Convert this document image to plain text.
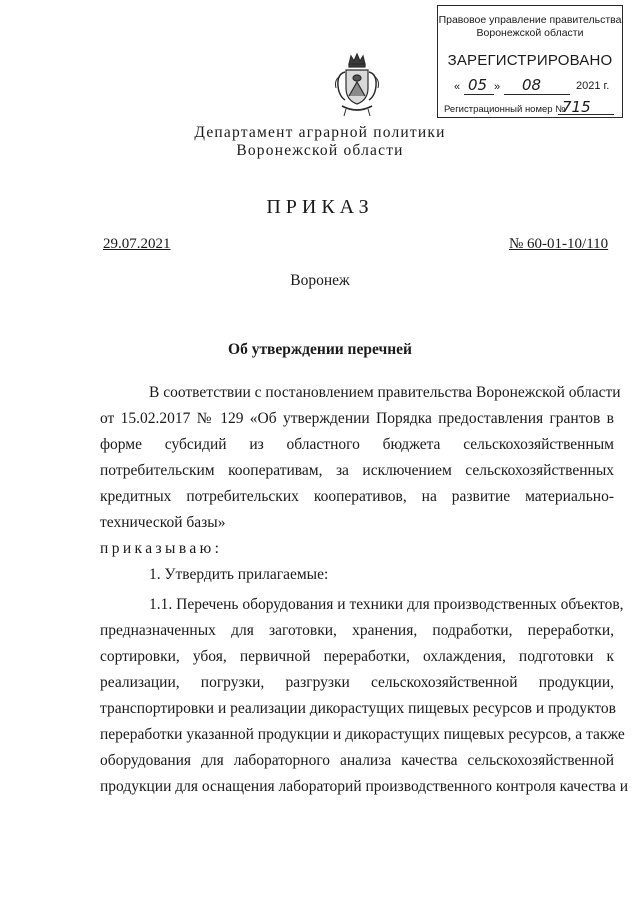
Правовое управление правительства
Воронежской области
ЗАРЕГИСТРИРОВАНО
« 05 » 08	2021 г.
Регистрационный номер №
715
Департамент аграрной политики
Воронежской области
ПРИКАЗ
29.07.2021	№ 60-01-10/110
Воронеж
Об утверждении перечней
В соответствии с постановлением правительства Воронежской области
от 15.02.2017 № 129 «Об утверждении Порядка предоставления грантов в
форме субсидий из областного бюджета сельскохозяйственным
потребительским кооперативам, за исключением сельскохозяйственных
кредитных потребительских кооперативов, на развитие материально-
технической базы»
приказываю:
1. Утвердить прилагаемые:
1.1. Перечень оборудования и техники для производственных объектов,
предназначенных для заготовки, хранения, подработки, переработки,
сортировки, убоя, первичной переработки, охлаждения, подготовки к
реализации, погрузки, разгрузки сельскохозяйственной продукции,
транспортировки и реализации дикорастущих пищевых ресурсов и продуктов
переработки указанной продукции и дикорастущих пищевых ресурсов, а также
оборудования для лабораторного анализа качества сельскохозяйственной
продукции для оснащения лабораторий производственного контроля качества и
